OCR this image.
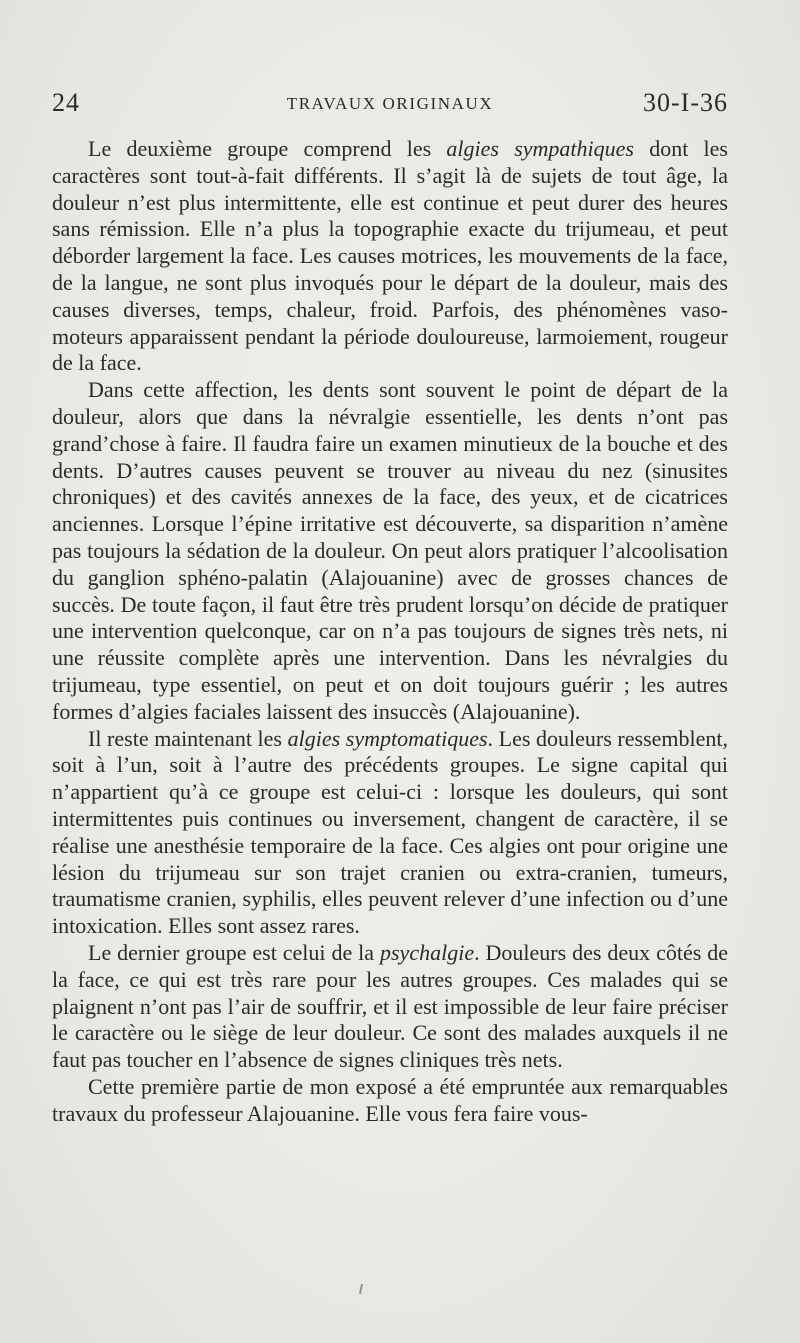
24	TRAVAUX ORIGINAUX	30-I-36

Le deuxième groupe comprend les algies sympathiques dont les caractères sont tout-à-fait différents. Il s’agit là de sujets de tout âge, la douleur n’est plus intermittente, elle est continue et peut durer des heures sans rémission. Elle n’a plus la topographie exacte du trijumeau, et peut déborder largement la face. Les causes motrices, les mouvements de la face, de la langue, ne sont plus invoqués pour le départ de la douleur, mais des causes diverses, temps, chaleur, froid. Parfois, des phénomènes vaso-moteurs apparaissent pendant la période douloureuse, larmoiement, rougeur de la face.

Dans cette affection, les dents sont souvent le point de départ de la douleur, alors que dans la névralgie essentielle, les dents n’ont pas grand’chose à faire. Il faudra faire un examen minutieux de la bouche et des dents. D’autres causes peuvent se trouver au niveau du nez (sinusites chroniques) et des cavités annexes de la face, des yeux, et de cicatrices anciennes. Lorsque l’épine irritative est découverte, sa disparition n’amène pas toujours la sédation de la douleur. On peut alors pratiquer l’alcoolisation du ganglion sphéno-palatin (Alajouanine) avec de grosses chances de succès. De toute façon, il faut être très prudent lorsqu’on décide de pratiquer une intervention quelconque, car on n’a pas toujours de signes très nets, ni une réussite complète après une intervention. Dans les névralgies du trijumeau, type essentiel, on peut et on doit toujours guérir ; les autres formes d’algies faciales laissent des insuccès (Alajouanine).

Il reste maintenant les algies symptomatiques. Les douleurs ressemblent, soit à l’un, soit à l’autre des précédents groupes. Le signe capital qui n’appartient qu’à ce groupe est celui-ci : lorsque les douleurs, qui sont intermittentes puis continues ou inversement, changent de caractère, il se réalise une anesthésie temporaire de la face. Ces algies ont pour origine une lésion du trijumeau sur son trajet cranien ou extra-cranien, tumeurs, traumatisme cranien, syphilis, elles peuvent relever d’une infection ou d’une intoxication. Elles sont assez rares.

Le dernier groupe est celui de la psychalgie. Douleurs des deux côtés de la face, ce qui est très rare pour les autres groupes. Ces malades qui se plaignent n’ont pas l’air de souffrir, et il est impossible de leur faire préciser le caractère ou le siège de leur douleur. Ce sont des malades auxquels il ne faut pas toucher en l’absence de signes cliniques très nets.

Cette première partie de mon exposé a été empruntée aux remarquables travaux du professeur Alajouanine. Elle vous fera faire vous-
